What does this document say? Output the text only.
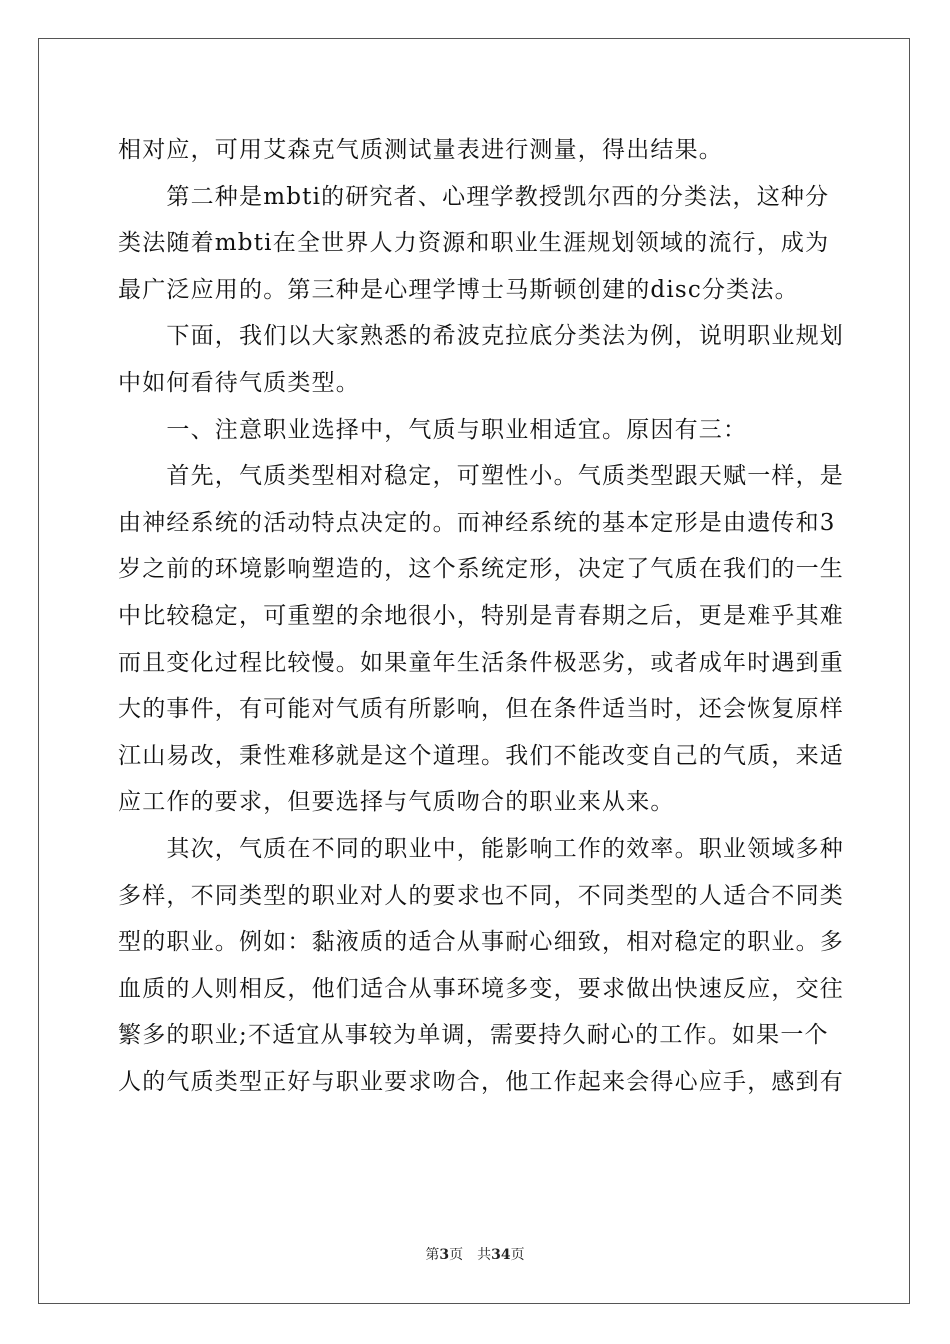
相对应，可用艾森克气质测试量表进行测量，得出结果。
　　第二种是mbti的研究者、心理学教授凯尔西的分类法，这种分
类法随着mbti在全世界人力资源和职业生涯规划领域的流行，成为
最广泛应用的。第三种是心理学博士马斯顿创建的disc分类法。
　　下面，我们以大家熟悉的希波克拉底分类法为例，说明职业规划
中如何看待气质类型。
　　一、注意职业选择中，气质与职业相适宜。原因有三：
　　首先，气质类型相对稳定，可塑性小。气质类型跟天赋一样，是
由神经系统的活动特点决定的。而神经系统的基本定形是由遗传和3
岁之前的环境影响塑造的，这个系统定形，决定了气质在我们的一生
中比较稳定，可重塑的余地很小，特别是青春期之后，更是难乎其难
而且变化过程比较慢。如果童年生活条件极恶劣，或者成年时遇到重
大的事件，有可能对气质有所影响，但在条件适当时，还会恢复原样
江山易改，秉性难移就是这个道理。我们不能改变自己的气质，来适
应工作的要求，但要选择与气质吻合的职业来从来。
　　其次，气质在不同的职业中，能影响工作的效率。职业领域多种
多样，不同类型的职业对人的要求也不同，不同类型的人适合不同类
型的职业。例如：黏液质的适合从事耐心细致，相对稳定的职业。多
血质的人则相反，他们适合从事环境多变，要求做出快速反应，交往
繁多的职业;不适宜从事较为单调，需要持久耐心的工作。如果一个
人的气质类型正好与职业要求吻合，他工作起来会得心应手，感到有
第3页 共34页
